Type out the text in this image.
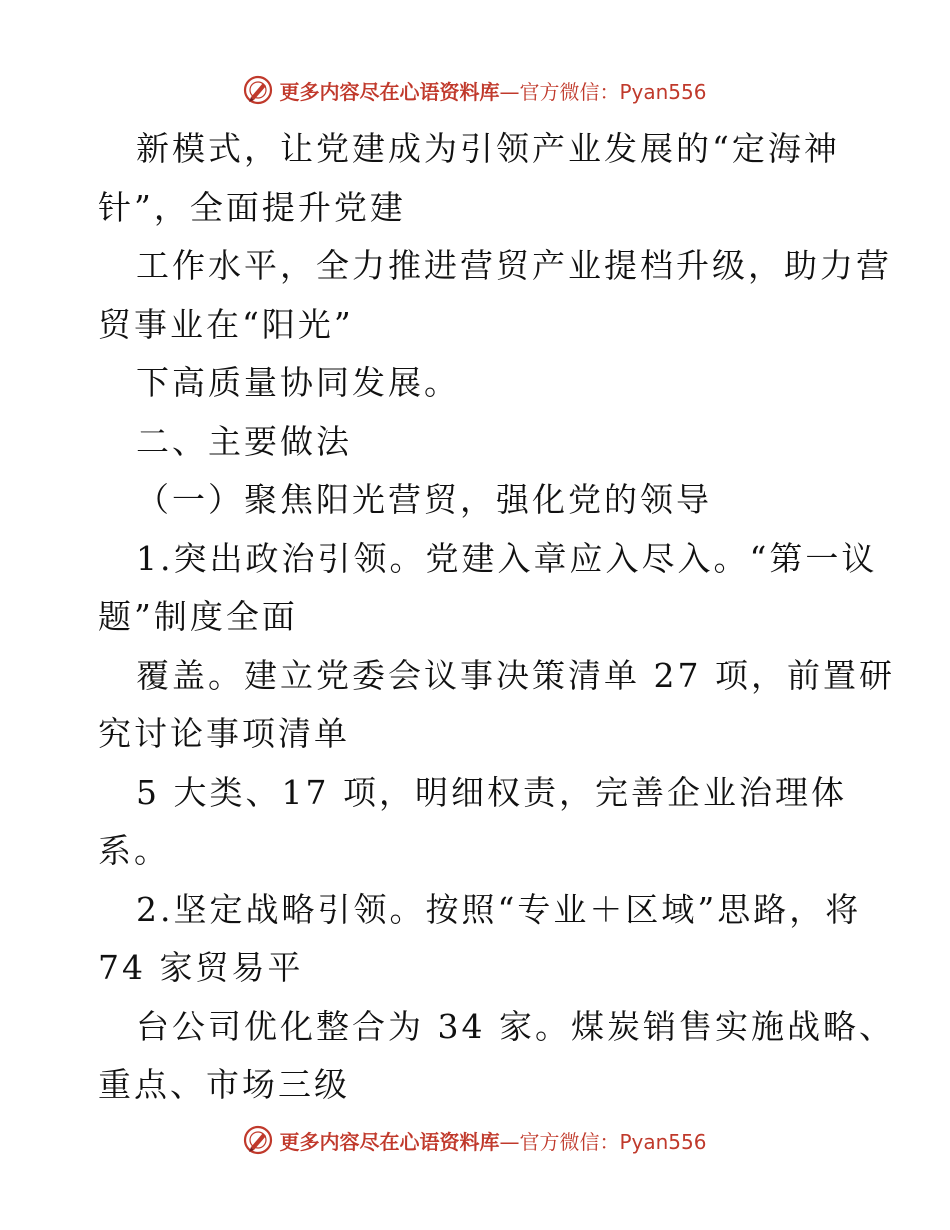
更多内容尽在心语资料库—官方微信：Pyan556
新模式，让党建成为引领产业发展的“定海神
针”，全面提升党建
工作水平，全力推进营贸产业提档升级，助力营
贸事业在“阳光”
下高质量协同发展。
二、主要做法
（一）聚焦阳光营贸，强化党的领导
1.突出政治引领。党建入章应入尽入。“第一议
题”制度全面
覆盖。建立党委会议事决策清单 27 项，前置研
究讨论事项清单
5 大类、17 项，明细权责，完善企业治理体
系。
2.坚定战略引领。按照“专业＋区域”思路，将
74 家贸易平
台公司优化整合为 34 家。煤炭销售实施战略、
重点、市场三级
更多内容尽在心语资料库—官方微信：Pyan556
